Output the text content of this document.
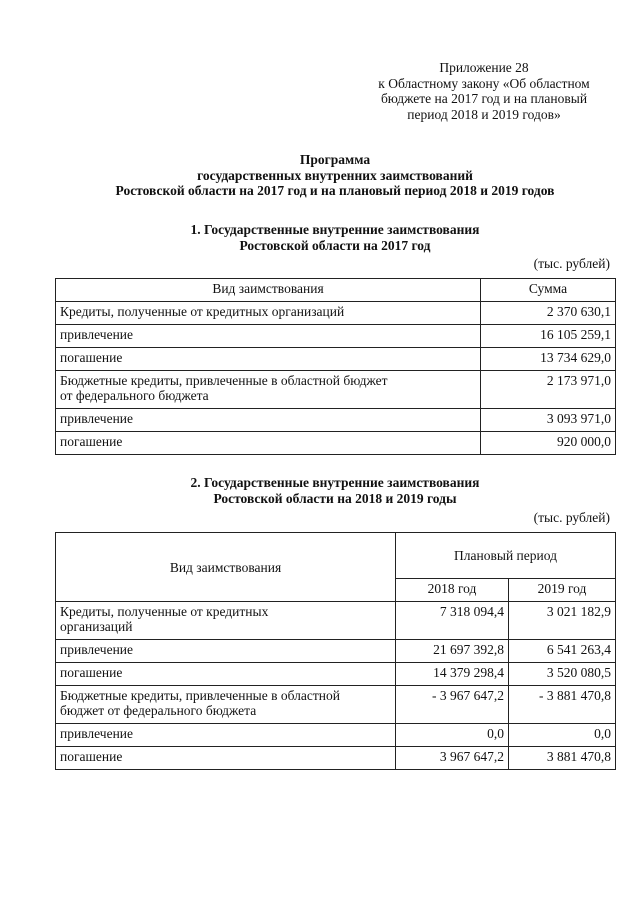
Приложение 28
к Областному закону «Об областном
бюджете на 2017 год и на плановый
период 2018 и 2019 годов»
Программа
государственных внутренних заимствований
Ростовской области на 2017 год и на плановый период 2018 и 2019 годов
1. Государственные внутренние заимствования
Ростовской области на 2017 год
(тыс. рублей)
Вид заимствования	Сумма
Кредиты, полученные от кредитных организаций	2 370 630,1
привлечение	16 105 259,1
погашение	13 734 629,0

Бюджетные кредиты, привлеченные в областной бюджет
от федерального бюджета	2 173 971,0
привлечение	3 093 971,0
погашение	920 000,0
2. Государственные внутренние заимствования
Ростовской области на 2018 и 2019 годы
(тыс. рублей)
Вид заимствования	Плановый период	
	2018 год	2019 год

Кредиты, полученные от кредитных
организаций	7 318 094,4	3 021 182,9
привлечение	21 697 392,8	6 541 263,4
погашение	14 379 298,4	3 520 080,5

Бюджетные кредиты, привлеченные в областной
бюджет от федерального бюджета	- 3 967 647,2	- 3 881 470,8
привлечение	0,0	0,0
погашение	3 967 647,2	3 881 470,8
